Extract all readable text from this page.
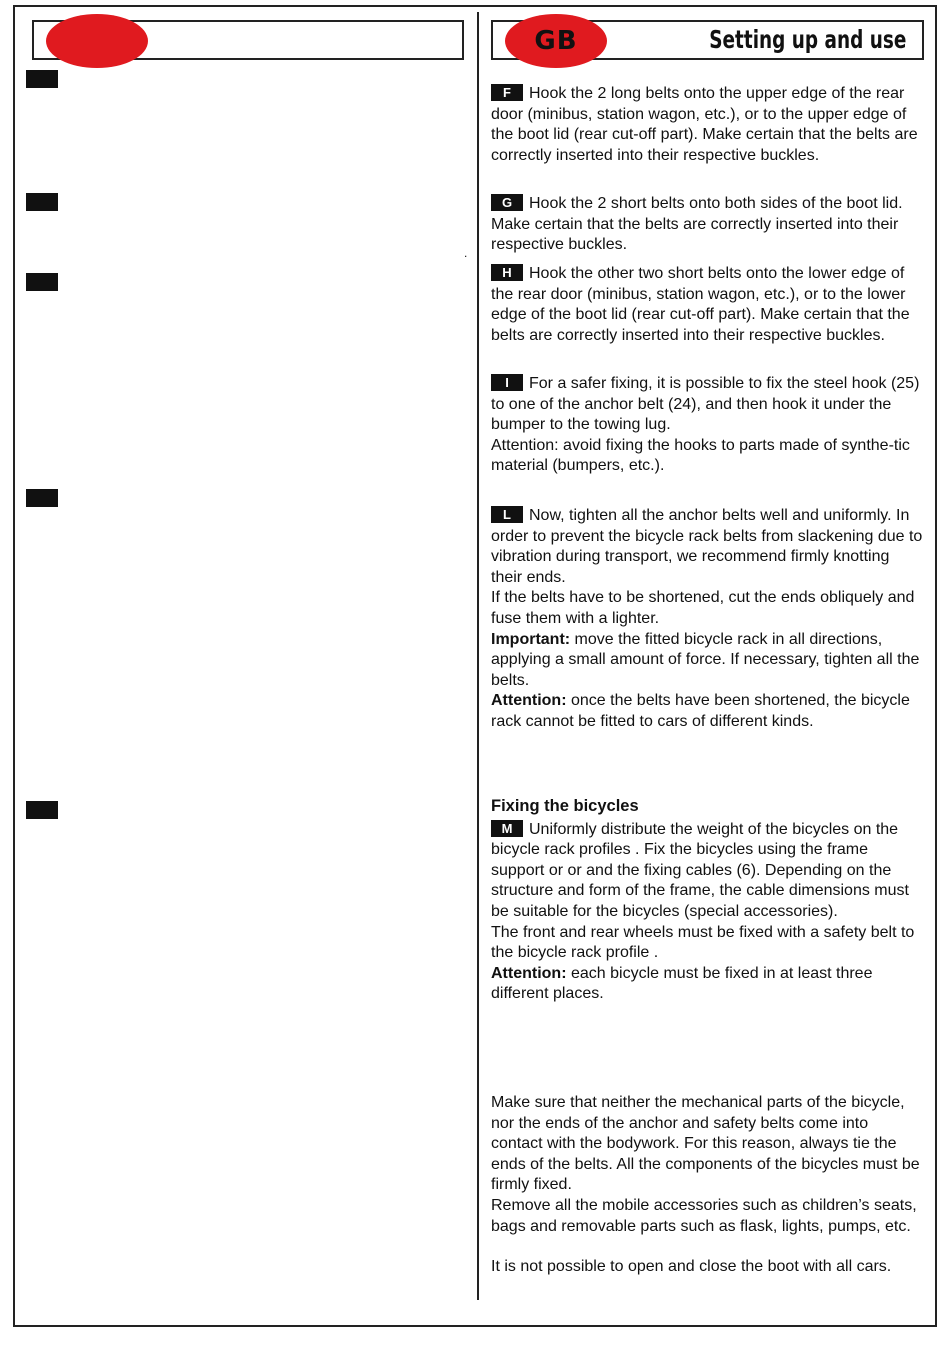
GB	Setting up and use
.

F Hook the 2 long belts onto the upper edge of the rear door (minibus, station wagon, etc.), or to the upper edge of the boot lid (rear cut-off part). Make certain that the belts are correctly inserted into their respective buckles.

G Hook the 2 short belts onto both sides of the boot lid. Make certain that the belts are correctly inserted into their respective buckles.

H Hook the other two short belts onto the lower edge of the rear door (minibus, station wagon, etc.), or to the lower edge of the boot lid (rear cut-off part). Make certain that the belts are correctly inserted into their respective buckles.

I For a safer fixing, it is possible to fix the steel hook (25) to one of the anchor belt (24), and then hook it under the bumper to the towing lug.

Attention: avoid fixing the hooks to parts made of synthe-tic material (bumpers, etc.).

L Now, tighten all the anchor belts well and uniformly. In order to prevent the bicycle rack belts from slackening due to vibration during transport, we recommend firmly knotting their ends.

If the belts have to be shortened, cut the ends obliquely and fuse them with a lighter.

Important: move the fitted bicycle rack in all directions, applying a small amount of force. If necessary, tighten all the belts.

Attention: once the belts have been shortened, the bicycle rack cannot be fitted to cars of different kinds.

Fixing the bicycles

M Uniformly distribute the weight of the bicycles on the bicycle rack profiles . Fix the bicycles using the frame support or or and the fixing cables (6). Depending on the structure and form of the frame, the cable dimensions must be suitable for the bicycles (special accessories).

The front and rear wheels must be fixed with a safety belt to the bicycle rack profile .

Attention: each bicycle must be fixed in at least three different places.

Make sure that neither the mechanical parts of the bicycle, nor the ends of the anchor and safety belts come into contact with the bodywork. For this reason, always tie the ends of the belts. All the components of the bicycles must be firmly fixed.

Remove all the mobile accessories such as children’s seats, bags and removable parts such as flask, lights, pumps, etc.

It is not possible to open and close the boot with all cars.
